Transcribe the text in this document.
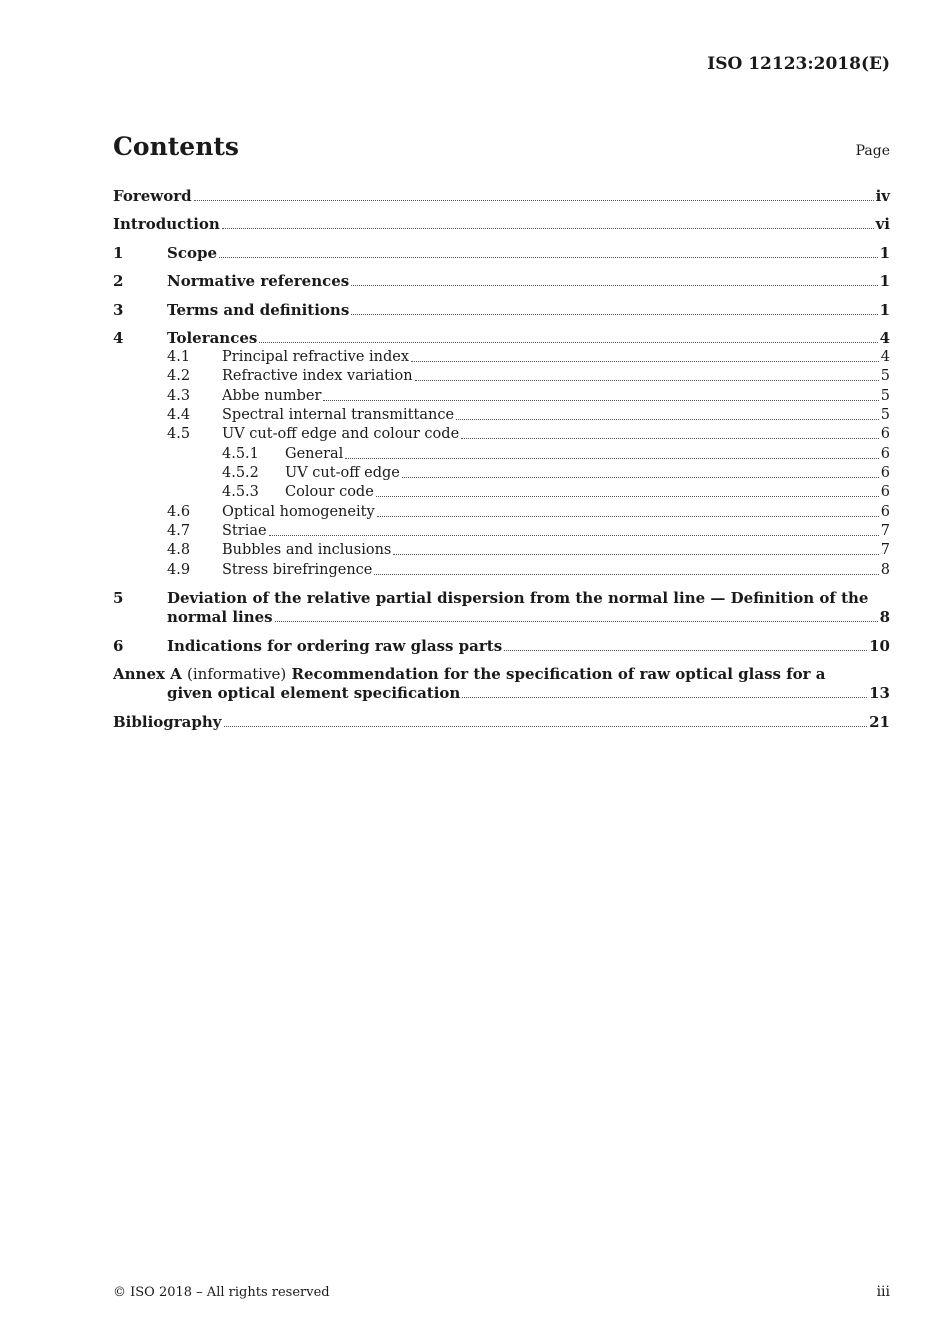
ISO 12123:2018(E)
Contents	Page
Foreword	iv
Introduction	vi
1	Scope	1
2	Normative references	1
3	Terms and definitions	1
4	Tolerances	4
4.1 Principal refractive index	4
4.2 Refractive index variation	5
4.3 Abbe number	5
4.4 Spectral internal transmittance	5
4.5 UV cut-off edge and colour code	6
4.5.1 General	6
4.5.2 UV cut-off edge	6
4.5.3 Colour code	6
4.6 Optical homogeneity	6
4.7 Striae	7
4.8 Bubbles and inclusions	7
4.9 Stress birefringence	8
5	Deviation of the relative partial dispersion from the normal line — Definition of the
normal lines	8
6	Indications for ordering raw glass parts	10
Annex A (informative) Recommendation for the specification of raw optical glass for a
given optical element specification	13
Bibliography	21
© ISO 2018 – All rights reserved	iii
